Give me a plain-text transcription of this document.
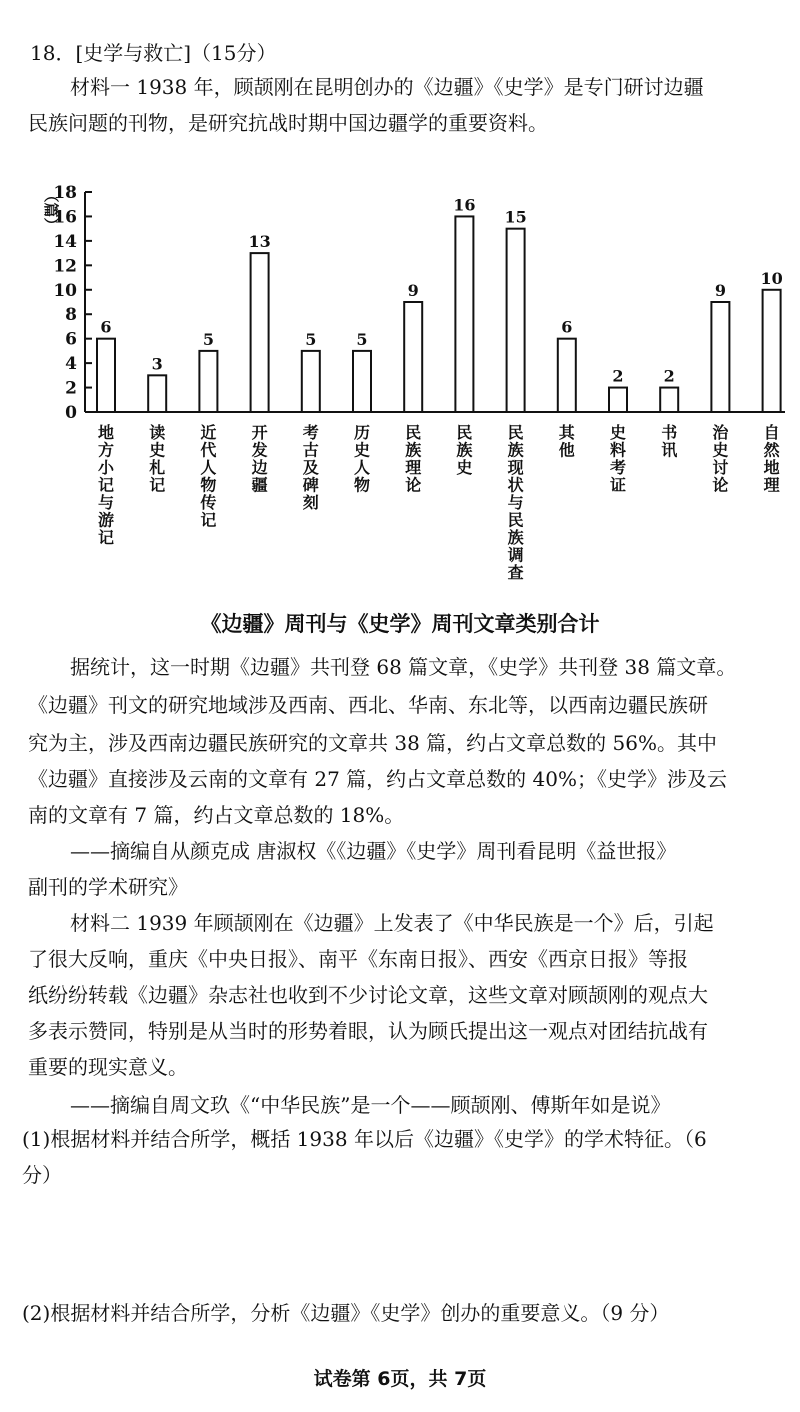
18．[史学与救亡]（15分）
材料一 1938 年，顾颉刚在昆明创办的《边疆》《史学》是专门研讨边疆
民族问题的刊物，是研究抗战时期中国边疆学的重要资料。
0
2
4
6
8
10
12
14
16
18
（篇）
6
地方小记与游记
3
读史札记
5
近代人物传记
13
开发边疆
5
考古及碑刻
5
历史人物
9
民族理论
16
民族史
15
民族现状与民族调查
6
其他
2
史料考证
2
书讯
9
治史讨论
10
自然地理
《边疆》周刊与《史学》周刊文章类别合计
据统计，这一时期《边疆》共刊登 68 篇文章，《史学》共刊登 38 篇文章。
《边疆》刊文的研究地域涉及西南、西北、华南、东北等，以西南边疆民族研
究为主，涉及西南边疆民族研究的文章共 38 篇，约占文章总数的 56%。其中
《边疆》直接涉及云南的文章有 27 篇，约占文章总数的 40%；《史学》涉及云
南的文章有 7 篇，约占文章总数的 18%。
——摘编自从颜克成 唐淑权《《边疆》《史学》周刊看昆明《益世报》
副刊的学术研究》
材料二 1939 年顾颉刚在《边疆》上发表了《中华民族是一个》后，引起
了很大反响，重庆《中央日报》、南平《东南日报》、西安《西京日报》等报
纸纷纷转载《边疆》杂志社也收到不少讨论文章，这些文章对顾颉刚的观点大
多表示赞同，特别是从当时的形势着眼，认为顾氏提出这一观点对团结抗战有
重要的现实意义。
——摘编自周文玖《“中华民族”是一个——顾颉刚、傅斯年如是说》
(1)根据材料并结合所学，概括 1938 年以后《边疆》《史学》的学术特征。（6
分）
(2)根据材料并结合所学，分析《边疆》《史学》创办的重要意义。（9 分）
试卷第 6页，共 7页
